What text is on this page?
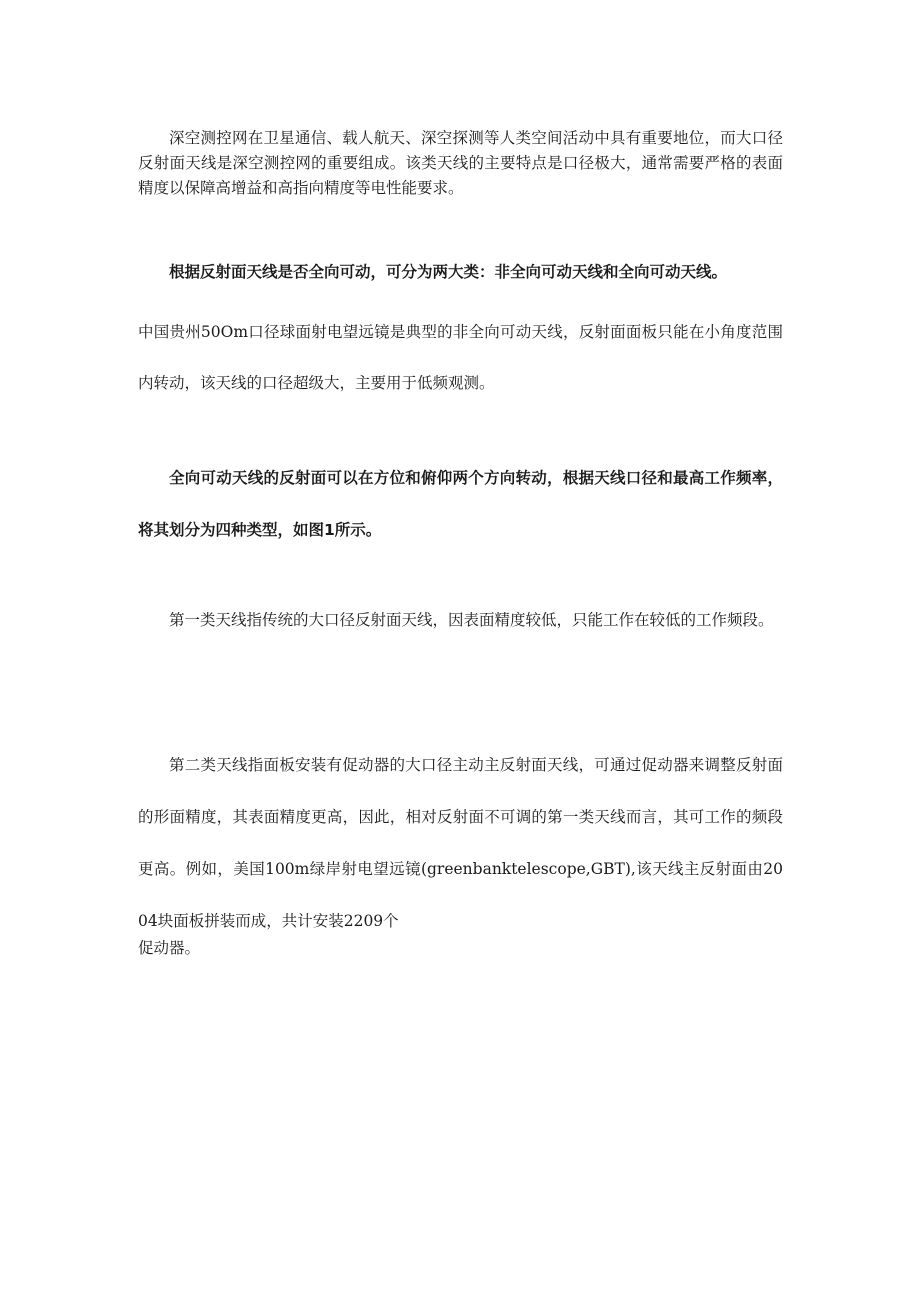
深空测控网在卫星通信、载人航天、深空探测等人类空间活动中具有重要地位，而大口径反射面天线是深空测控网的重要组成。该类天线的主要特点是口径极大，通常需要严格的表面精度以保障高增益和高指向精度等电性能要求。

根据反射面天线是否全向可动，可分为两大类：非全向可动天线和全向可动天线。

中国贵州50Om口径球面射电望远镜是典型的非全向可动天线，反射面面板只能在小角度范围内转动，该天线的口径超级大，主要用于低频观测。

全向可动天线的反射面可以在方位和俯仰两个方向转动，根据天线口径和最高工作频率，将其划分为四种类型，如图1所示。

第一类天线指传统的大口径反射面天线，因表面精度较低，只能工作在较低的工作频段。

第二类天线指面板安装有促动器的大口径主动主反射面天线，可通过促动器来调整反射面的形面精度，其表面精度更高，因此，相对反射面不可调的第一类天线而言，其可工作的频段更高。例如，美国100m绿岸射电望远镜(greenbanktelescope,GBT),该天线主反射面由2004块面板拼装而成，共计安装2209个

促动器。
